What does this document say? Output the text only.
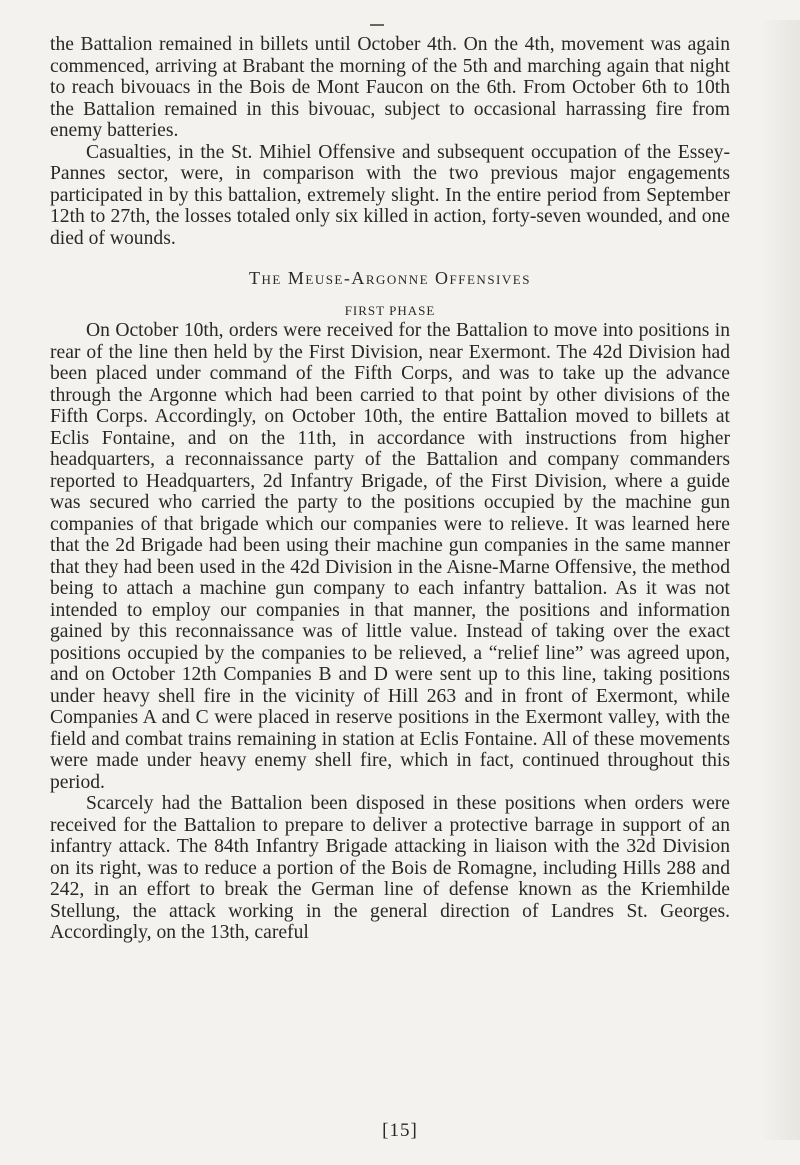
the Battalion remained in billets until October 4th. On the 4th, movement was again commenced, arriving at Brabant the morning of the 5th and marching again that night to reach bivouacs in the Bois de Mont Faucon on the 6th. From October 6th to 10th the Battalion remained in this bivouac, subject to occasional harrassing fire from enemy batteries.

Casualties, in the St. Mihiel Offensive and subsequent occupation of the Essey-Pannes sector, were, in comparison with the two previous major engagements participated in by this battalion, extremely slight. In the entire period from September 12th to 27th, the losses totaled only six killed in action, forty-seven wounded, and one died of wounds.

The Meuse-Argonne Offensives
FIRST PHASE

On October 10th, orders were received for the Battalion to move into positions in rear of the line then held by the First Division, near Exermont. The 42d Division had been placed under command of the Fifth Corps, and was to take up the advance through the Argonne which had been carried to that point by other divisions of the Fifth Corps. Accordingly, on October 10th, the entire Battalion moved to billets at Eclis Fontaine, and on the 11th, in accordance with instructions from higher headquarters, a reconnaissance party of the Battalion and company commanders reported to Headquarters, 2d Infantry Brigade, of the First Division, where a guide was secured who carried the party to the positions occupied by the machine gun companies of that brigade which our companies were to relieve. It was learned here that the 2d Brigade had been using their machine gun companies in the same manner that they had been used in the 42d Division in the Aisne-Marne Offensive, the method being to attach a machine gun company to each infantry battalion. As it was not intended to employ our companies in that manner, the positions and information gained by this reconnaissance was of little value. Instead of taking over the exact positions occupied by the companies to be relieved, a “relief line” was agreed upon, and on October 12th Companies B and D were sent up to this line, taking positions under heavy shell fire in the vicinity of Hill 263 and in front of Exermont, while Companies A and C were placed in reserve positions in the Exermont valley, with the field and combat trains remaining in station at Eclis Fontaine. All of these movements were made under heavy enemy shell fire, which in fact, continued throughout this period.

Scarcely had the Battalion been disposed in these positions when orders were received for the Battalion to prepare to deliver a protective barrage in support of an infantry attack. The 84th Infantry Brigade attacking in liaison with the 32d Division on its right, was to reduce a portion of the Bois de Romagne, including Hills 288 and 242, in an effort to break the German line of defense known as the Kriemhilde Stellung, the attack working in the general direction of Landres St. Georges. Accordingly, on the 13th, careful

[15]
